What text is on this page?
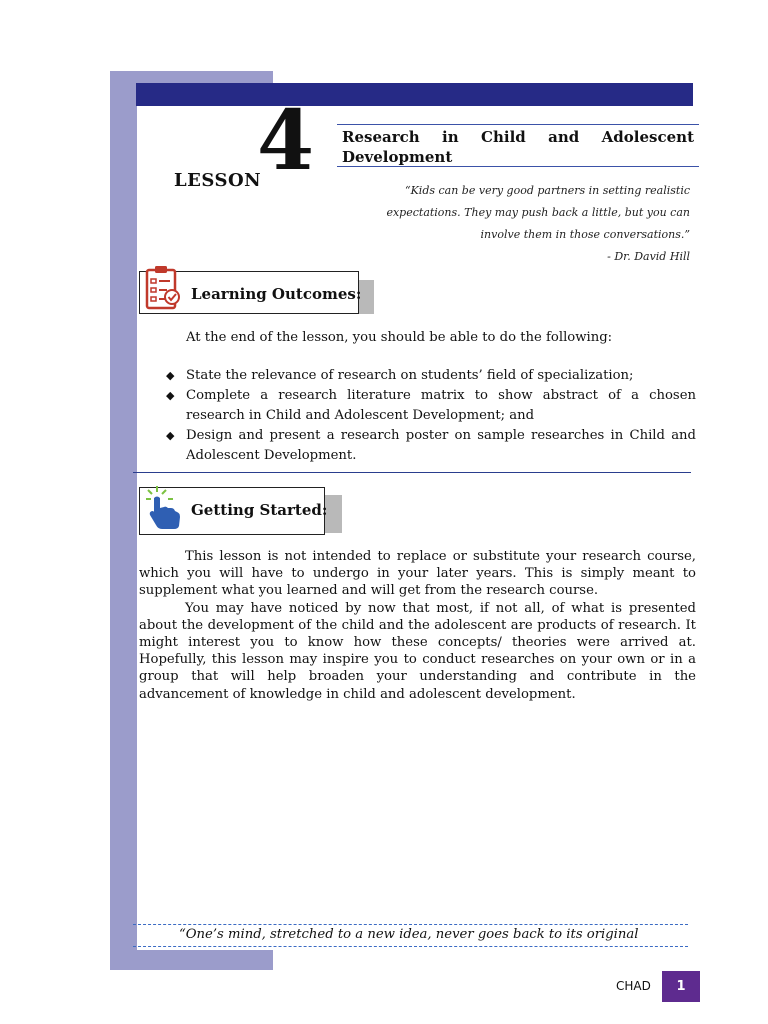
LESSON
4 Research in Child and Adolescent Development
“Kids can be very good partners in setting realistic expectations. They may push back a little, but you can involve them in those conversations.”
- Dr. David Hill
Learning Outcomes:
At the end of the lesson, you should be able to do the following:
◆ State the relevance of research on students’ field of specialization;
◆ Complete a research literature matrix to show abstract of a chosen research in Child and Adolescent Development; and
◆ Design and present a research poster on sample researches in Child and Adolescent Development.
Getting Started:

This lesson is not intended to replace or substitute your research course, which you will have to undergo in your later years. This is simply meant to supplement what you learned and will get from the research course.

You may have noticed by now that most, if not all, of what is presented about the development of the child and the adolescent are products of research. It might interest you to know how these concepts/ theories were arrived at. Hopefully, this lesson may inspire you to conduct researches on your own or in a group that will help broaden your understanding and contribute in the advancement of knowledge in child and adolescent development.

“One’s mind, stretched to a new idea, never goes back to its original
CHAD	1
